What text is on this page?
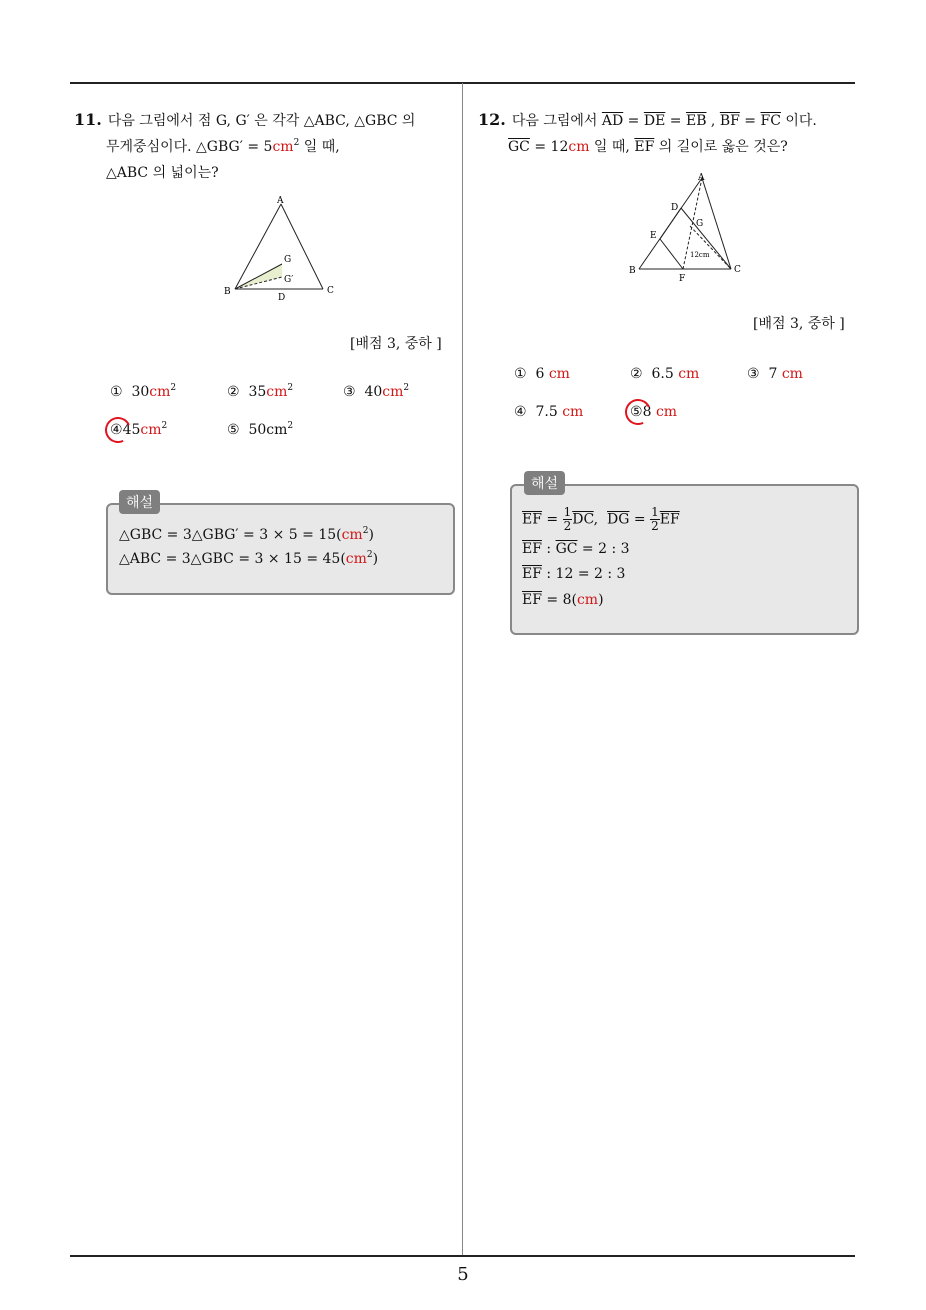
5
11. 다음 그림에서 점 G, G′ 은 각각 △ABC, △GBC 의
무게중심이다. △GBG′ = $5cm^2$ 일 때,
△ABC 의 넓이는?
A
G
G′
B	C
D
[배점 3, 중하 ]
① $30cm^2$	② $35cm^2$	③ $40cm^2$
$④45cm^2$	⑤ $50cm^2$
해설
△GBC = 3△GBG′ = $3 \times 5 = 15(cm^2)$
△ABC = 3△GBC = $3 \times 15 = 45(cm^2)$
12. 다음 그림에서 $\overline{AD} = \overline{DE} = \overline{EB}$ , $\overline{BF} = \overline{FC}$ 이다.
$\overline{GC} = 12cm$ 일 때, $\overline{EF}$ 의 길이로 옳은 것은?
A
D
G
E
12cm
B	C
F
[배점 3, 중하 ]
① 6 cm	② 6.5 cm	③ 7 cm
④ 7.5 cm	⑤8 cm
해설
$\overline{EF} = \frac{1}{2} \overline{DC}$,  $\overline{DG} = \frac{1}{2} \overline{EF}$
$\overline{EF}$ : $\overline{GC} = 2$ : 3
$\overline{EF}$ : 12 = 2 : 3
$\overline{EF} = 8(cm)$
